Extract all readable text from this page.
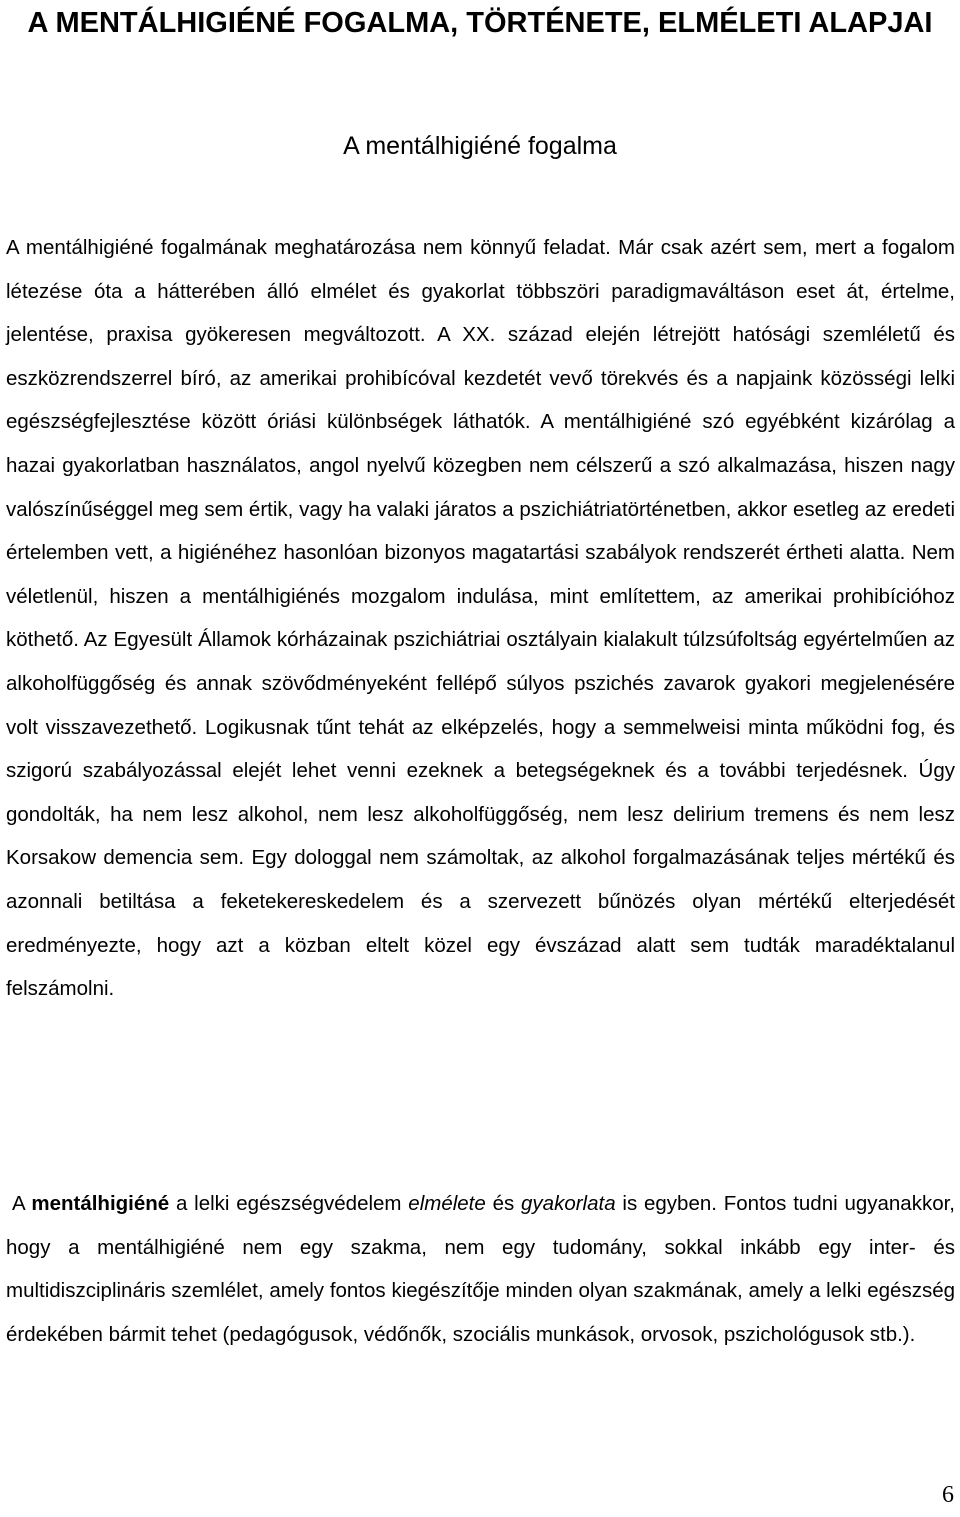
A MENTÁLHIGIÉNÉ FOGALMA, TÖRTÉNETE, ELMÉLETI ALAPJAI
A mentálhigiéné fogalma

A mentálhigiéné fogalmának meghatározása nem könnyű feladat. Már csak azért sem, mert a fogalom létezése óta a hátterében álló elmélet és gyakorlat többszöri paradigmaváltáson eset át, értelme, jelentése, praxisa gyökeresen megváltozott. A XX. század elején létrejött hatósági szemléletű és eszközrendszerrel bíró, az amerikai prohibícóval kezdetét vevő törekvés és a napjaink közösségi lelki egészségfejlesztése között óriási különbségek láthatók. A mentálhigiéné szó egyébként kizárólag a hazai gyakorlatban használatos, angol nyelvű közegben nem célszerű a szó alkalmazása, hiszen nagy valószínűséggel meg sem értik, vagy ha valaki járatos a pszichiátriatörténetben, akkor esetleg az eredeti értelemben vett, a higiénéhez hasonlóan bizonyos magatartási szabályok rendszerét értheti alatta. Nem véletlenül, hiszen a mentálhigiénés mozgalom indulása, mint említettem, az amerikai prohibícióhoz köthető. Az Egyesült Államok kórházainak pszichiátriai osztályain kialakult túlzsúfoltság egyértelműen az alkoholfüggőség és annak szövődményeként fellépő súlyos pszichés zavarok gyakori megjelenésére volt visszavezethető. Logikusnak tűnt tehát az elképzelés, hogy a semmelweisi minta működni fog, és szigorú szabályozással elejét lehet venni ezeknek a betegségeknek és a további terjedésnek. Úgy gondolták, ha nem lesz alkohol, nem lesz alkoholfüggőség, nem lesz delirium tremens és nem lesz Korsakow demencia sem. Egy dologgal nem számoltak, az alkohol forgalmazásának teljes mértékű és azonnali betiltása a feketekereskedelem és a szervezett bűnözés olyan mértékű elterjedését eredményezte, hogy azt a közban eltelt közel egy évszázad alatt sem tudták maradéktalanul felszámolni.

A mentálhigiéné a lelki egészségvédelem elmélete és gyakorlata is egyben. Fontos tudni ugyanakkor, hogy a mentálhigiéné nem egy szakma, nem egy tudomány, sokkal inkább egy inter- és multidiszciplináris szemlélet, amely fontos kiegészítője minden olyan szakmának, amely a lelki egészség érdekében bármit tehet (pedagógusok, védőnők, szociális munkások, orvosok, pszichológusok stb.).

6
